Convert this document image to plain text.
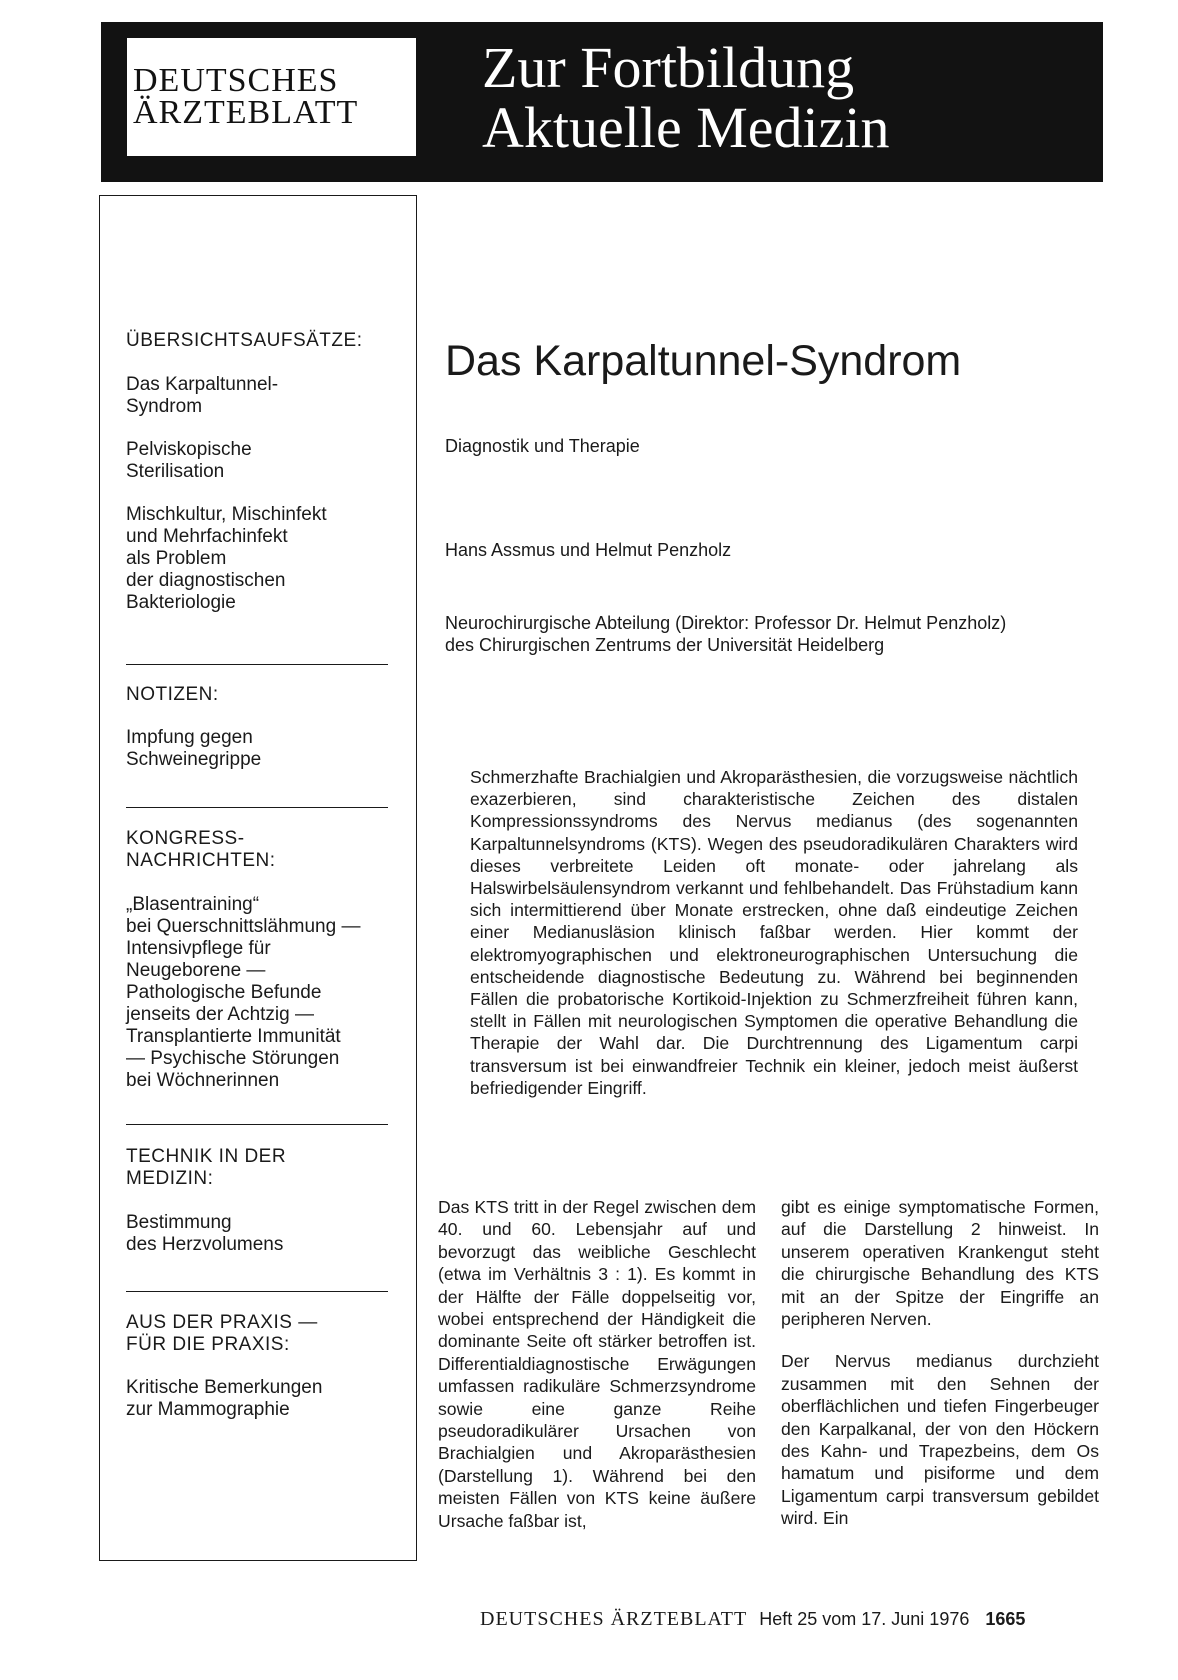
DEUTSCHES
ÄRZTEBLATT
Zur Fortbildung
Aktuelle Medizin

ÜBERSICHTSAUFSÄTZE:

Das Karpaltunnel-
Syndrom

Pelviskopische
Sterilisation

Mischkultur, Mischinfekt
und Mehrfachinfekt
als Problem
der diagnostischen
Bakteriologie

NOTIZEN:

Impfung gegen
Schweinegrippe

KONGRESS-
NACHRICHTEN:

„Blasentraining“
bei Querschnittslähmung —
Intensivpflege für
Neugeborene —
Pathologische Befunde
jenseits der Achtzig —
Transplantierte Immunität
— Psychische Störungen
bei Wöchnerinnen

TECHNIK IN DER
MEDIZIN:

Bestimmung
des Herzvolumens

AUS DER PRAXIS —
FÜR DIE PRAXIS:

Kritische Bemerkungen
zur Mammographie

Das Karpaltunnel-Syndrom
Diagnostik und Therapie
Hans Assmus und Helmut Penzholz

Neurochirurgische Abteilung (Direktor: Professor Dr. Helmut Penzholz)

des Chirurgischen Zentrums der Universität Heidelberg

Schmerzhafte Brachialgien und Akroparästhesien, die vorzugsweise nächtlich exazerbieren, sind charakteristische Zeichen des distalen Kompressionssyndroms des Nervus medianus (des sogenannten Karpaltunnelsyndroms (KTS). Wegen des pseudoradikulären Charakters wird dieses verbreitete Leiden oft monate- oder jahrelang als Halswirbelsäulensyndrom verkannt und fehlbehandelt. Das Frühstadium kann sich intermittierend über Monate erstrecken, ohne daß eindeutige Zeichen einer Medianusläsion klinisch faßbar werden. Hier kommt der elektromyographischen und elektroneurographischen Untersuchung die entscheidende diagnostische Bedeutung zu. Während bei beginnenden Fällen die probatorische Kortikoid-Injektion zu Schmerzfreiheit führen kann, stellt in Fällen mit neurologischen Symptomen die operative Behandlung die Therapie der Wahl dar. Die Durchtrennung des Ligamentum carpi transversum ist bei einwandfreier Technik ein kleiner, jedoch meist äußerst befriedigender Eingriff.

Das KTS tritt in der Regel zwischen dem 40. und 60. Lebensjahr auf und bevorzugt das weibliche Geschlecht (etwa im Verhältnis 3 : 1). Es kommt in der Hälfte der Fälle doppelseitig vor, wobei entsprechend der Händigkeit die dominante Seite oft stärker betroffen ist. Differentialdiagnostische Erwägungen umfassen radikuläre Schmerzsyndrome sowie eine ganze Reihe pseudoradikulärer Ursachen von Brachialgien und Akroparästhesien (Darstellung 1). Während bei den meisten Fällen von KTS keine äußere Ursache faßbar ist,

gibt es einige symptomatische Formen, auf die Darstellung 2 hinweist. In unserem operativen Krankengut steht die chirurgische Behandlung des KTS mit an der Spitze der Eingriffe an peripheren Nerven.

Der Nervus medianus durchzieht zusammen mit den Sehnen der oberflächlichen und tiefen Fingerbeuger den Karpalkanal, der von den Höckern des Kahn- und Trapezbeins, dem Os hamatum und pisiforme und dem Ligamentum carpi transversum gebildet wird. Ein

DEUTSCHES ÄRZTEBLATT Heft 25 vom 17. Juni 1976 1665
